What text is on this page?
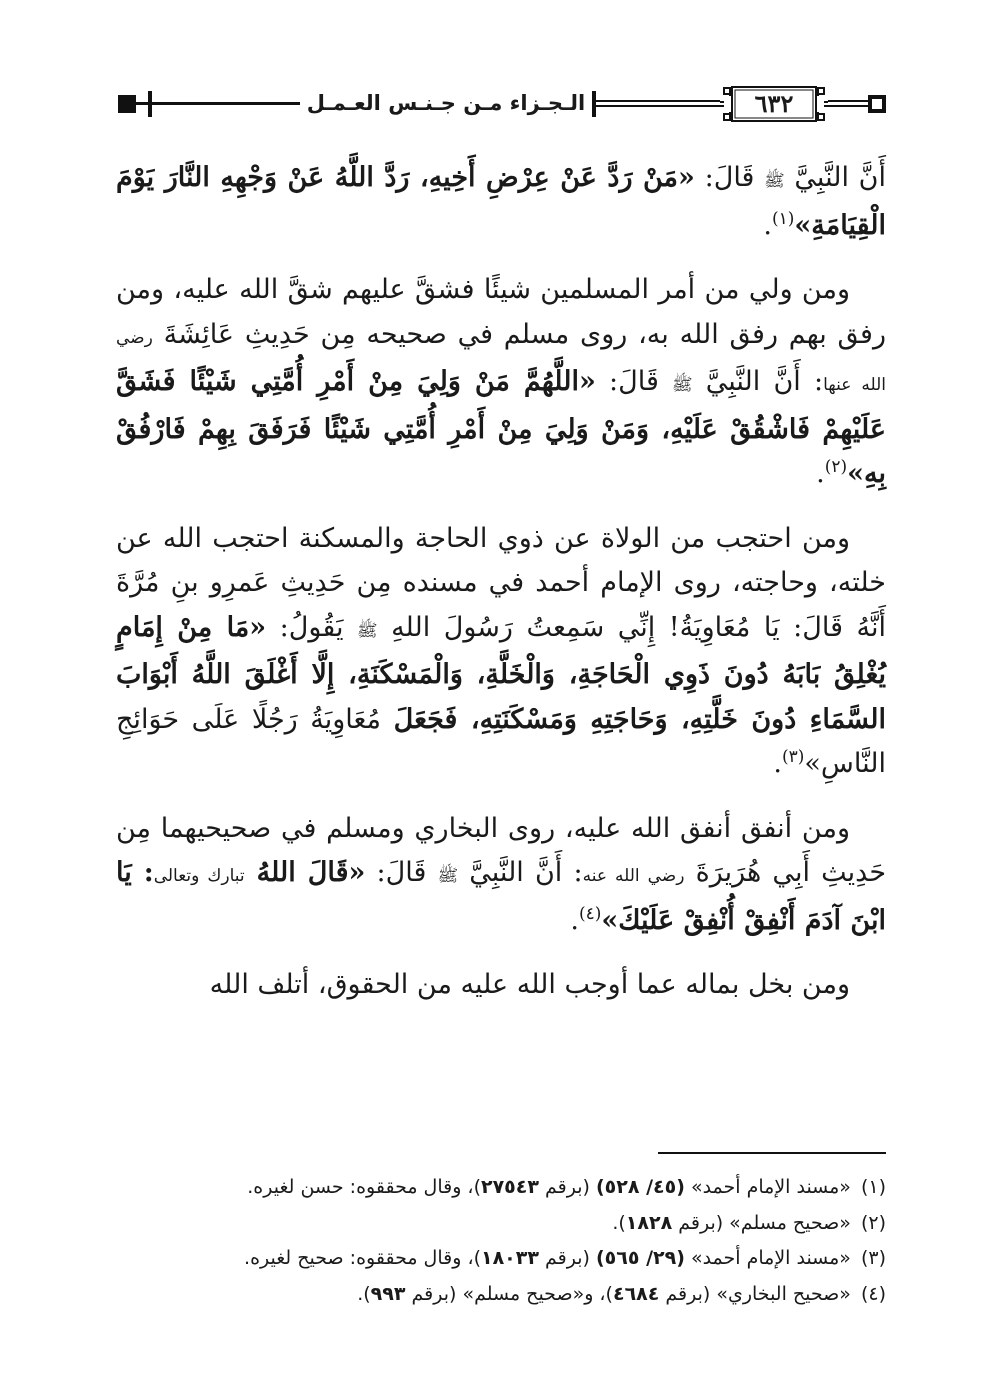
الـجـزاء مـن جـنـس العـمـل	٦٣٢

أَنَّ النَّبِيَّ ﷺ قَالَ: «مَنْ رَدَّ عَنْ عِرْضِ أَخِيهِ، رَدَّ اللَّهُ عَنْ وَجْهِهِ النَّارَ يَوْمَ الْقِيَامَةِ»$^{(١)}$.

ومن ولي من أمر المسلمين شيئًا فشقَّ عليهم شقَّ الله عليه، ومن رفق بهم رفق الله به، روى مسلم في صحيحه مِن حَدِيثِ عَائِشَةَ رضي الله عنها: أَنَّ النَّبِيَّ ﷺ قَالَ: «اللَّهُمَّ مَنْ وَلِيَ مِنْ أَمْرِ أُمَّتِي شَيْئًا فَشَقَّ عَلَيْهِمْ فَاشْقُقْ عَلَيْهِ، وَمَنْ وَلِيَ مِنْ أَمْرِ أُمَّتِي شَيْئًا فَرَفَقَ بِهِمْ فَارْفُقْ بِهِ»$^{(٢)}$.

ومن احتجب من الولاة عن ذوي الحاجة والمسكنة احتجب الله عن خلته، وحاجته، روى الإمام أحمد في مسنده مِن حَدِيثِ عَمرِو بنِ مُرَّةَ أَنَّهُ قَالَ: يَا مُعَاوِيَةُ! إِنِّي سَمِعتُ رَسُولَ اللهِ ﷺ يَقُولُ: «مَا مِنْ إِمَامٍ يُغْلِقُ بَابَهُ دُونَ ذَوِي الْحَاجَةِ، وَالْخَلَّةِ، وَالْمَسْكَنَةِ، إِلَّا أَغْلَقَ اللَّهُ أَبْوَابَ السَّمَاءِ دُونَ خَلَّتِهِ، وَحَاجَتِهِ وَمَسْكَنَتِهِ، فَجَعَلَ مُعَاوِيَةُ رَجُلًا عَلَى حَوَائِجِ النَّاسِ»$^{(٣)}$.

ومن أنفق أنفق الله عليه، روى البخاري ومسلم في صحيحيهما مِن حَدِيثِ أَبِي هُرَيرَةَ رضي الله عنه: أَنَّ النَّبِيَّ ﷺ قَالَ: «قَالَ اللهُ تبارك وتعالى: يَا ابْنَ آدَمَ أَنْفِقْ أُنْفِقْ عَلَيْكَ»$^{(٤)}$.

ومن بخل بماله عما أوجب الله عليه من الحقوق، أتلف الله

(١)«مسند الإمام أحمد» (٤٥/ ٥٢٨) (برقم ٢٧٥٤٣)، وقال محققوه: حسن لغيره.
(٢)«صحيح مسلم» (برقم ١٨٢٨).
(٣)«مسند الإمام أحمد» (٢٩/ ٥٦٥) (برقم ١٨٠٣٣)، وقال محققوه: صحيح لغيره.
(٤)«صحيح البخاري» (برقم ٤٦٨٤)، و«صحيح مسلم» (برقم ٩٩٣).
